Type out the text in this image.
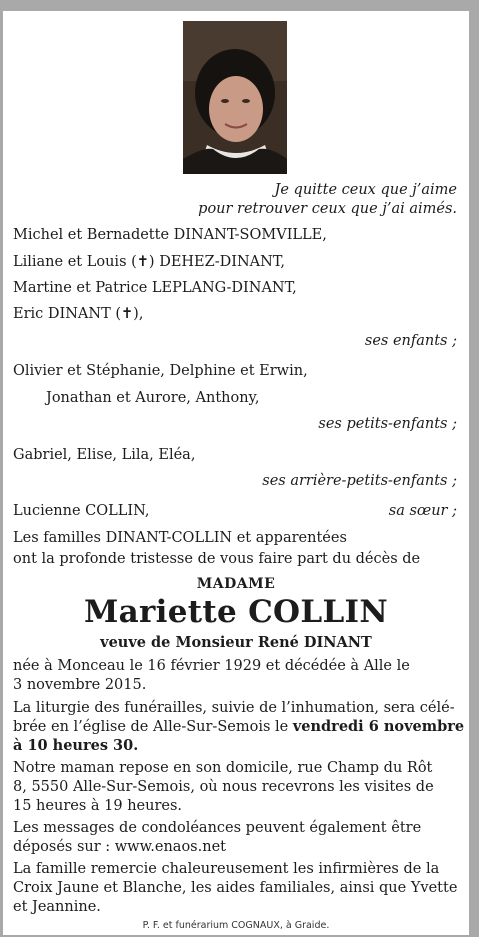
Je quitte ceux que j’aime
pour retrouver ceux que j’ai aimés.
Michel et Bernadette DINANT-SOMVILLE,
Liliane et Louis (✝) DEHEZ-DINANT,
Martine et Patrice LEPLANG-DINANT,
Eric DINANT (✝),
ses enfants ;
Olivier et Stéphanie, Delphine et Erwin,
Jonathan et Aurore, Anthony,
ses petits-enfants ;
Gabriel, Elise, Lila, Eléa,
ses arrière-petits-enfants ;
Lucienne COLLIN,	sa sœur ;
Les familles DINANT-COLLIN et apparentées
ont la profonde tristesse de vous faire part du décès de
MADAME
Mariette COLLIN
veuve de Monsieur René DINANT
née à Monceau le 16 février 1929 et décédée à Alle le
3 novembre 2015.
La liturgie des funérailles, suivie de l’inhumation, sera célé-
brée en l’église de Alle-Sur-Semois le vendredi 6 novembre
à 10 heures 30.
Notre maman repose en son domicile, rue Champ du Rôt
8, 5550 Alle-Sur-Semois, où nous recevrons les visites de
15 heures à 19 heures.
Les messages de condoléances peuvent également être
déposés sur : www.enaos.net
La famille remercie chaleureusement les infirmières de la
Croix Jaune et Blanche, les aides familiales, ainsi que Yvette
et Jeannine.
P. F. et funérarium COGNAUX, à Graide.
